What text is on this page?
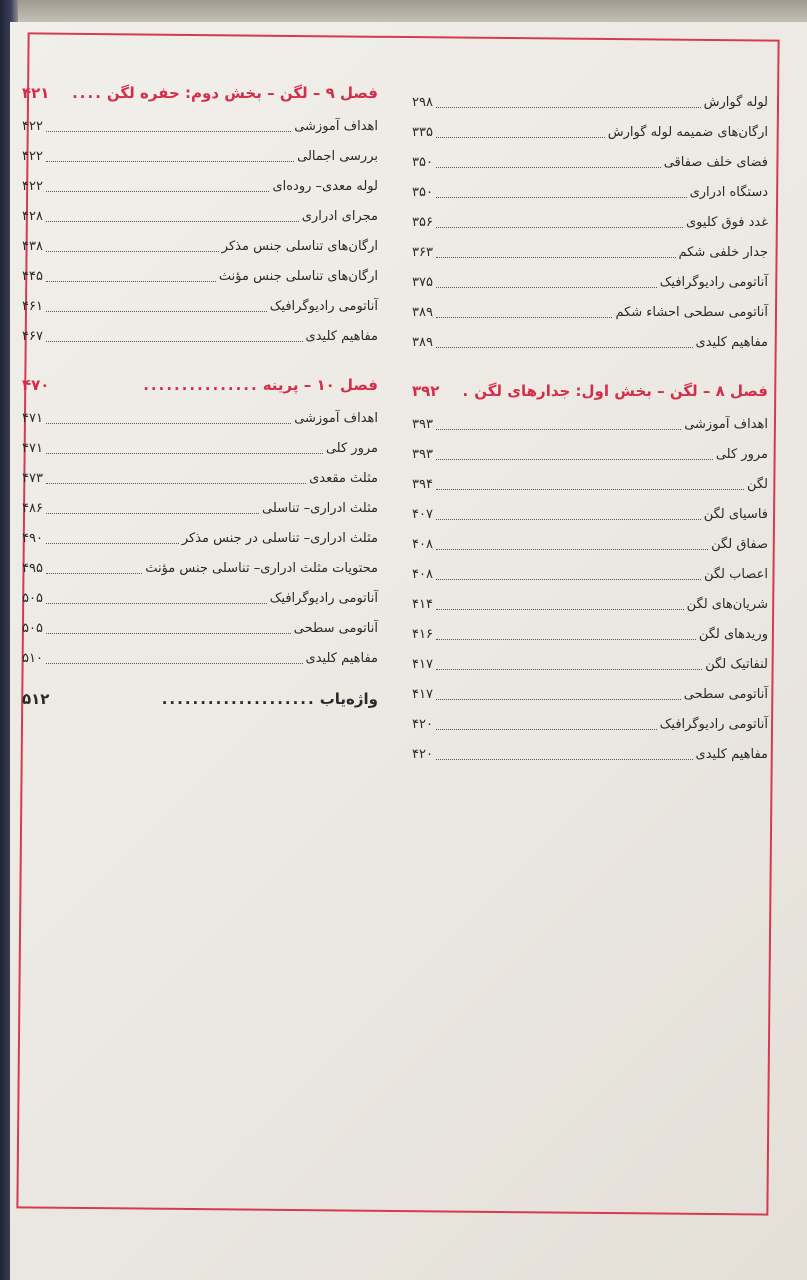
لوله گوارش
۲۹۸
ارگان‌های ضمیمه لوله گوارش
۳۳۵
فضای خلف صفاقی
۳۵۰
دستگاه ادراری
۳۵۰
غدد فوق کلیوی
۳۵۶
جدار خلفی شکم
۳۶۳
آناتومی رادیوگرافیک
۳۷۵
آناتومی سطحی احشاء شکم
۳۸۹
مفاهیم کلیدی
۳۸۹
فصل ۸ – لگن – بخش اول: جدارهای لگن
.
۳۹۲
اهداف آموزشی
۳۹۳
مرور کلی
۳۹۳
لگن
۳۹۴
فاسیای لگن
۴۰۷
صفاق لگن
۴۰۸
اعصاب لگن
۴۰۸
شریان‌های لگن
۴۱۴
وریدهای لگن
۴۱۶
لنفاتیک لگن
۴۱۷
آناتومی سطحی
۴۱۷
آناتومی رادیوگرافیک
۴۲۰
مفاهیم کلیدی
۴۲۰
فصل ۹ – لگن – بخش دوم: حفره لگن
....
۴۲۱
اهداف آموزشی
۴۲۲
بررسی اجمالی
۴۲۲
لوله معدی– روده‌ای
۴۲۲
مجرای ادراری
۴۲۸
ارگان‌های تناسلی جنس مذکر
۴۳۸
ارگان‌های تناسلی جنس مؤنث
۴۴۵
آناتومی رادیوگرافیک
۴۶۱
مفاهیم کلیدی
۴۶۷
فصل ۱۰ – پرینه
...............
۴۷۰
اهداف آموزشی
۴۷۱
مرور کلی
۴۷۱
مثلث مقعدی
۴۷۳
مثلث ادراری– تناسلی
۴۸۶
مثلث ادراری– تناسلی در جنس مذکر
۴۹۰
محتویات مثلث ادراری– تناسلی جنس مؤنث
۴۹۵
آناتومی رادیوگرافیک
۵۰۵
آناتومی سطحی
۵۰۵
مفاهیم کلیدی
۵۱۰
واژه‌یاب
....................
۵۱۲
